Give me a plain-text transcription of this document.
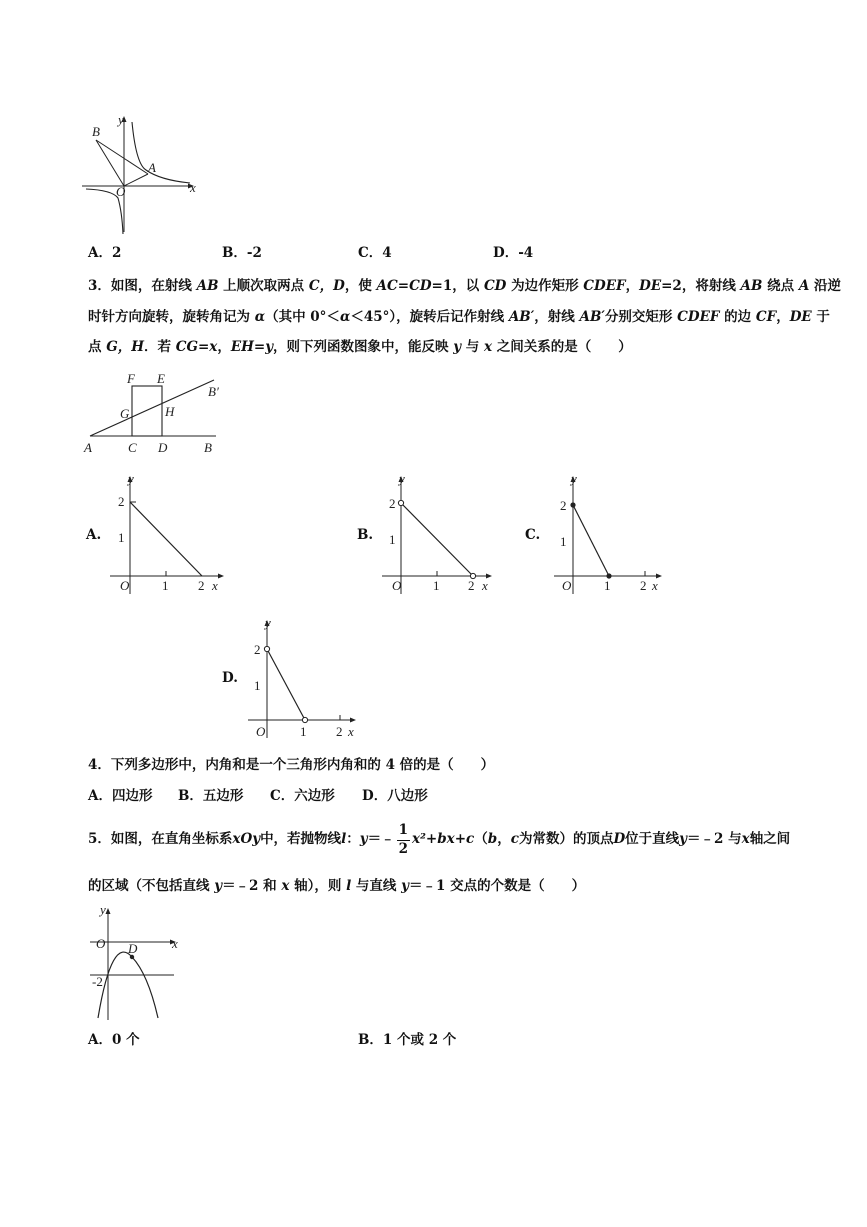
y
x
B
A
O
A．2	B．-2	C．4	D．-4
3．如图，在射线 AB 上顺次取两点 C，D，使 AC=CD=1，以 CD 为边作矩形 CDEF，DE=2，将射线 AB 绕点 A 沿逆
时针方向旋转，旋转角记为 α（其中 0°＜α＜45°），旋转后记作射线 AB′，射线 AB′分别交矩形 CDEF 的边 CF，DE 于
点 G，H．若 CG=x，EH=y，则下列函数图象中，能反映 y 与 x 之间关系的是（　　）
F E
B′
G	H
A	C D	B
A.	B.	C.
D.
y
x
O
2
1
1 2
y
x
O
2
1
1 2
y
x
O
2
1
1 2
y
x
O
2
1
1 2
4．下列多边形中，内角和是一个三角形内角和的 4 倍的是（　　）
A．四边形 B．五边形 C．六边形 D．八边形
5．如图，在直角坐标系 xOy 中，若抛物线 l ： y ＝﹣ $\frac{1}{2} x^2+bx+c$ （ b ， c 为常数）的顶点 D 位于直线 y ＝﹣2 与 x 轴之间
的区域（不包括直线 y＝﹣2 和 x 轴），则 l 与直线 y＝﹣1 交点的个数是（　　）
y
x
O D
-2
A．0 个	B．1 个或 2 个
